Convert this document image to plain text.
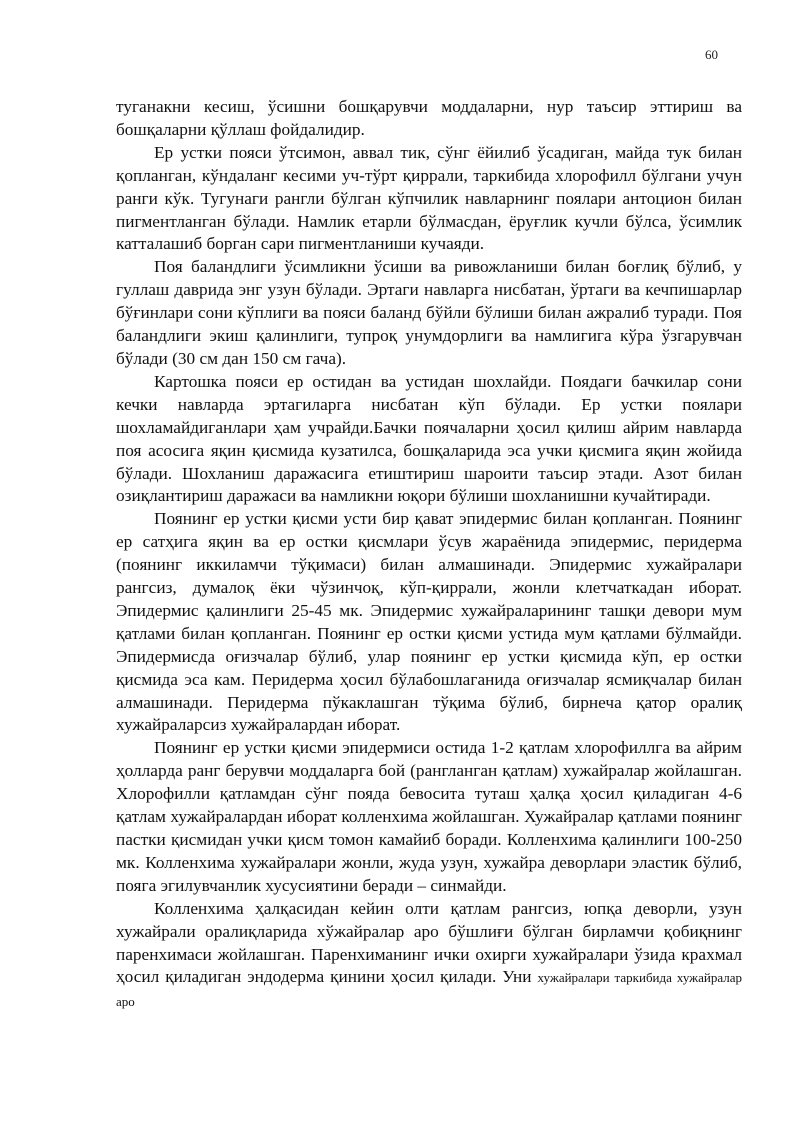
60

туганакни кесиш, ўсишни бошқарувчи моддаларни, нур таъсир эттириш ва бошқаларни қўллаш фойдалидир.

Ер устки пояси ўтсимон, аввал тик, сўнг ёйилиб ўсадиган, майда тук билан қопланган, кўндаланг кесими уч-тўрт қиррали, таркибида хлорофилл бўлгани учун ранги кўк. Тугунаги рангли бўлган кўпчилик навларнинг поялари антоцион билан пигментланган бўлади. Намлик етарли бўлмасдан, ёруғлик кучли бўлса, ўсимлик катталашиб борган сари пигментланиши кучаяди.

Поя баландлиги ўсимликни ўсиши ва ривожланиши билан боғлиқ бўлиб, у гуллаш даврида энг узун бўлади. Эртаги навларга нисбатан, ўртаги ва кечпишарлар бўғинлари сони кўплиги ва пояси баланд бўйли бўлиши билан ажралиб туради. Поя баландлиги экиш қалинлиги, тупроқ унумдорлиги ва намлигига кўра ўзгарувчан бўлади (30 см дан 150 см гача).

Картошка пояси ер остидан ва устидан шохлайди. Поядаги бачкилар сони кечки навларда эртагиларга нисбатан кўп бўлади. Ер устки поялари шохламайдиганлари ҳам учрайди.Бачки поячаларни ҳосил қилиш айрим навларда поя асосига яқин қисмида кузатилса, бошқаларида эса учки қисмига яқин жойида бўлади. Шохланиш даражасига етиштириш шароити таъсир этади. Азот билан озиқлантириш даражаси ва намликни юқори бўлиши шохланишни кучайтиради.

Поянинг ер устки қисми усти бир қават эпидермис билан қопланган. Поянинг ер сатҳига яқин ва ер остки қисмлари ўсув жараёнида эпидермис, перидерма (поянинг иккиламчи тўқимаси) билан алмашинади. Эпидермис хужайралари рангсиз, думалоқ ёки чўзинчоқ, кўп-қиррали, жонли клетчаткадан иборат. Эпидермис қалинлиги 25-45 мк. Эпидермис хужайраларининг ташқи девори мум қатлами билан қопланган. Поянинг ер остки қисми устида мум қатлами бўлмайди. Эпидермисда оғизчалар бўлиб, улар поянинг ер устки қисмида кўп, ер остки қисмида эса кам. Перидерма ҳосил бўлабошлаганида оғизчалар ясмиқчалар билан алмашинади. Перидерма пўкаклашган тўқима бўлиб, бирнеча қатор оралиқ хужайраларсиз хужайралардан иборат.

Поянинг ер устки қисми эпидермиси остида 1-2 қатлам хлорофиллга ва айрим ҳолларда ранг берувчи моддаларга бой (рангланган қатлам) хужайралар жойлашган. Хлорофилли қатламдан сўнг пояда бевосита туташ ҳалқа ҳосил қиладиган 4-6 қатлам хужайралардан иборат колленхима жойлашган. Хужайралар қатлами поянинг пастки қисмидан учки қисм томон камайиб боради. Колленхима қалинлиги 100-250 мк. Колленхима хужайралари жонли, жуда узун, хужайра деворлари эластик бўлиб, пояга эгилувчанлик хусусиятини беради – синмайди.

Колленхима ҳалқасидан кейин олти қатлам рангсиз, юпқа деворли, узун хужайрали оралиқларида хўжайралар аро бўшлиғи бўлган бирламчи қобиқнинг паренхимаси жойлашган. Паренхиманинг ички охирги хужайралари ўзида крахмал ҳосил қиладиган эндодерма қинини ҳосил қилади. Уни хужайралари таркибида хужайралар аро
